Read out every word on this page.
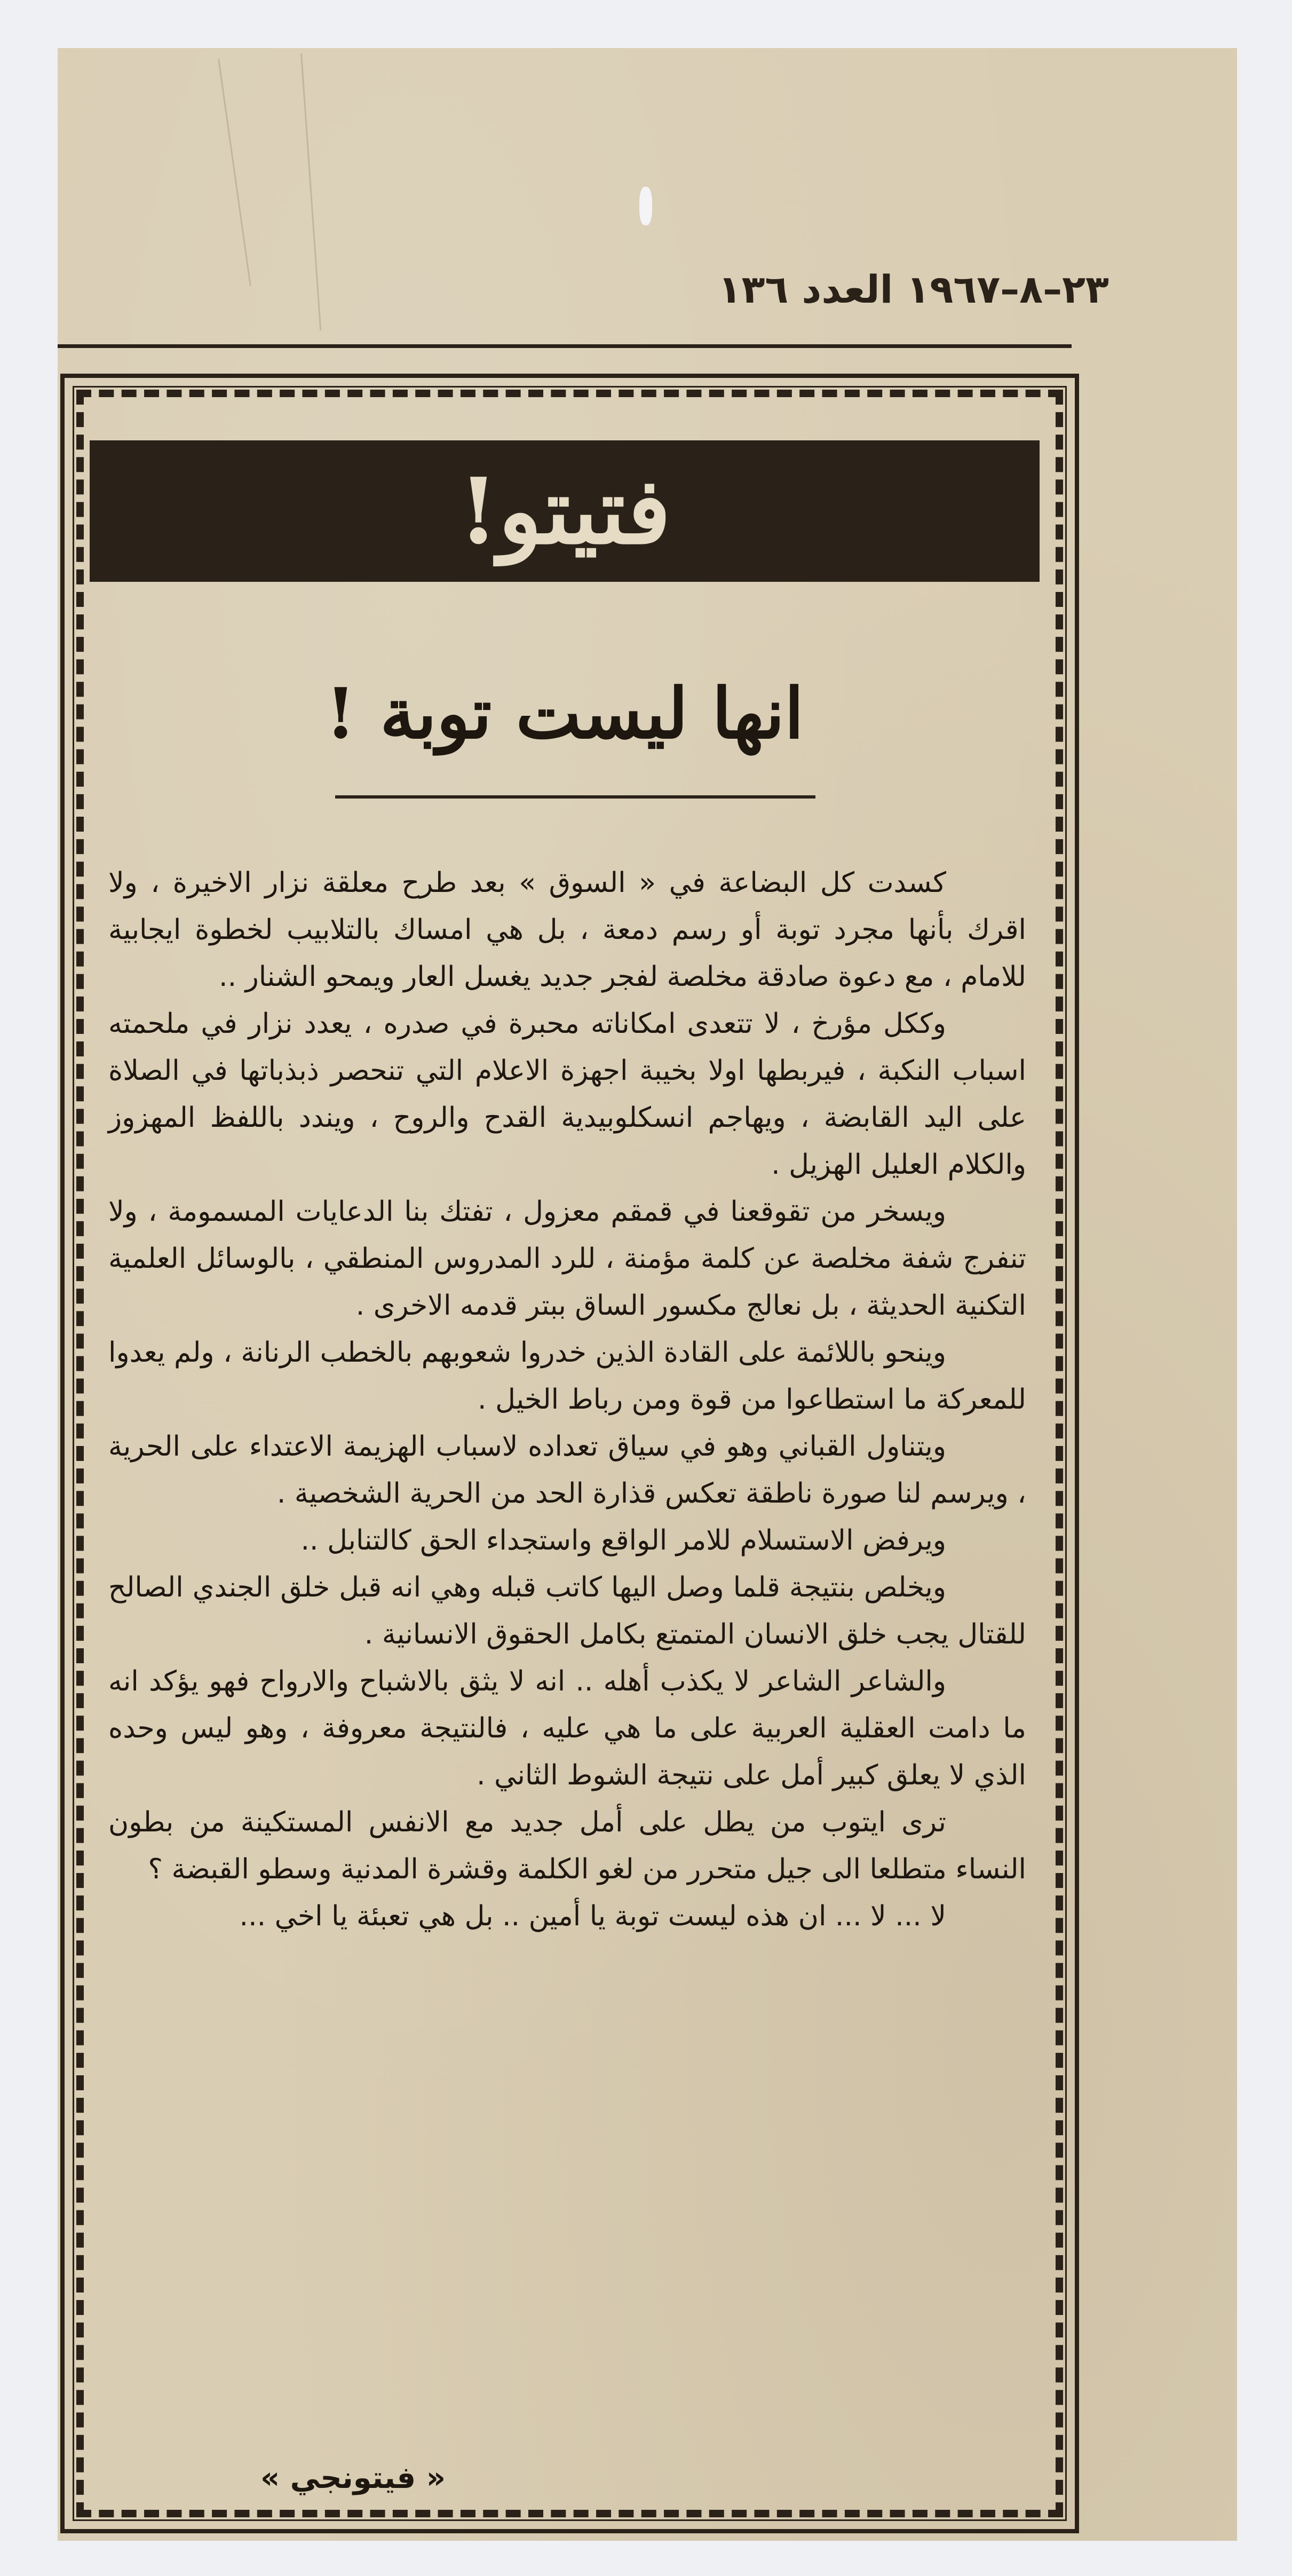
٢٣–٨–١٩٦٧ العدد ١٣٦
فتيتو!
انها ليست توبة !

كسدت كل البضاعة في « السوق » بعد طرح معلقة نزار الاخيرة ، ولا اقرك بأنها مجرد توبة أو رسم دمعة ، بل هي امساك بالتلابيب لخطوة ايجابية للامام ، مع دعوة صادقة مخلصة لفجر جديد يغسل العار ويمحو الشنار ..

وككل مؤرخ ، لا تتعدى امكاناته محبرة في صدره ، يعدد نزار في ملحمته اسباب النكبة ، فيربطها اولا بخيبة اجهزة الاعلام التي تنحصر ذبذباتها في الصلاة على اليد القابضة ، ويهاجم انسكلوبيدية القدح والروح ، ويندد باللفظ المهزوز والكلام العليل الهزيل .

ويسخر من تقوقعنا في قمقم معزول ، تفتك بنا الدعايات المسمومة ، ولا تنفرج شفة مخلصة عن كلمة مؤمنة ، للرد المدروس المنطقي ، بالوسائل العلمية التكنية الحديثة ، بل نعالج مكسور الساق ببتر قدمه الاخرى .

وينحو باللائمة على القادة الذين خدروا شعوبهم بالخطب الرنانة ، ولم يعدوا للمعركة ما استطاعوا من قوة ومن رباط الخيل .

ويتناول القباني وهو في سياق تعداده لاسباب الهزيمة الاعتداء على الحرية ، ويرسم لنا صورة ناطقة تعكس قذارة الحد من الحرية الشخصية .

ويرفض الاستسلام للامر الواقع واستجداء الحق كالتنابل ..

ويخلص بنتيجة قلما وصل اليها كاتب قبله وهي انه قبل خلق الجندي الصالح للقتال يجب خلق الانسان المتمتع بكامل الحقوق الانسانية .

والشاعر الشاعر لا يكذب أهله .. انه لا يثق بالاشباح والارواح فهو يؤكد انه ما دامت العقلية العربية على ما هي عليه ، فالنتيجة معروفة ، وهو ليس وحده الذي لا يعلق كبير أمل على نتيجة الشوط الثاني .

ترى ايتوب من يطل على أمل جديد مع الانفس المستكينة من بطون النساء متطلعا الى جيل متحرر من لغو الكلمة وقشرة المدنية وسطو القبضة ؟

لا ... لا ... ان هذه ليست توبة يا أمين .. بل هي تعبئة يا اخي ...

« فيتونجي »
